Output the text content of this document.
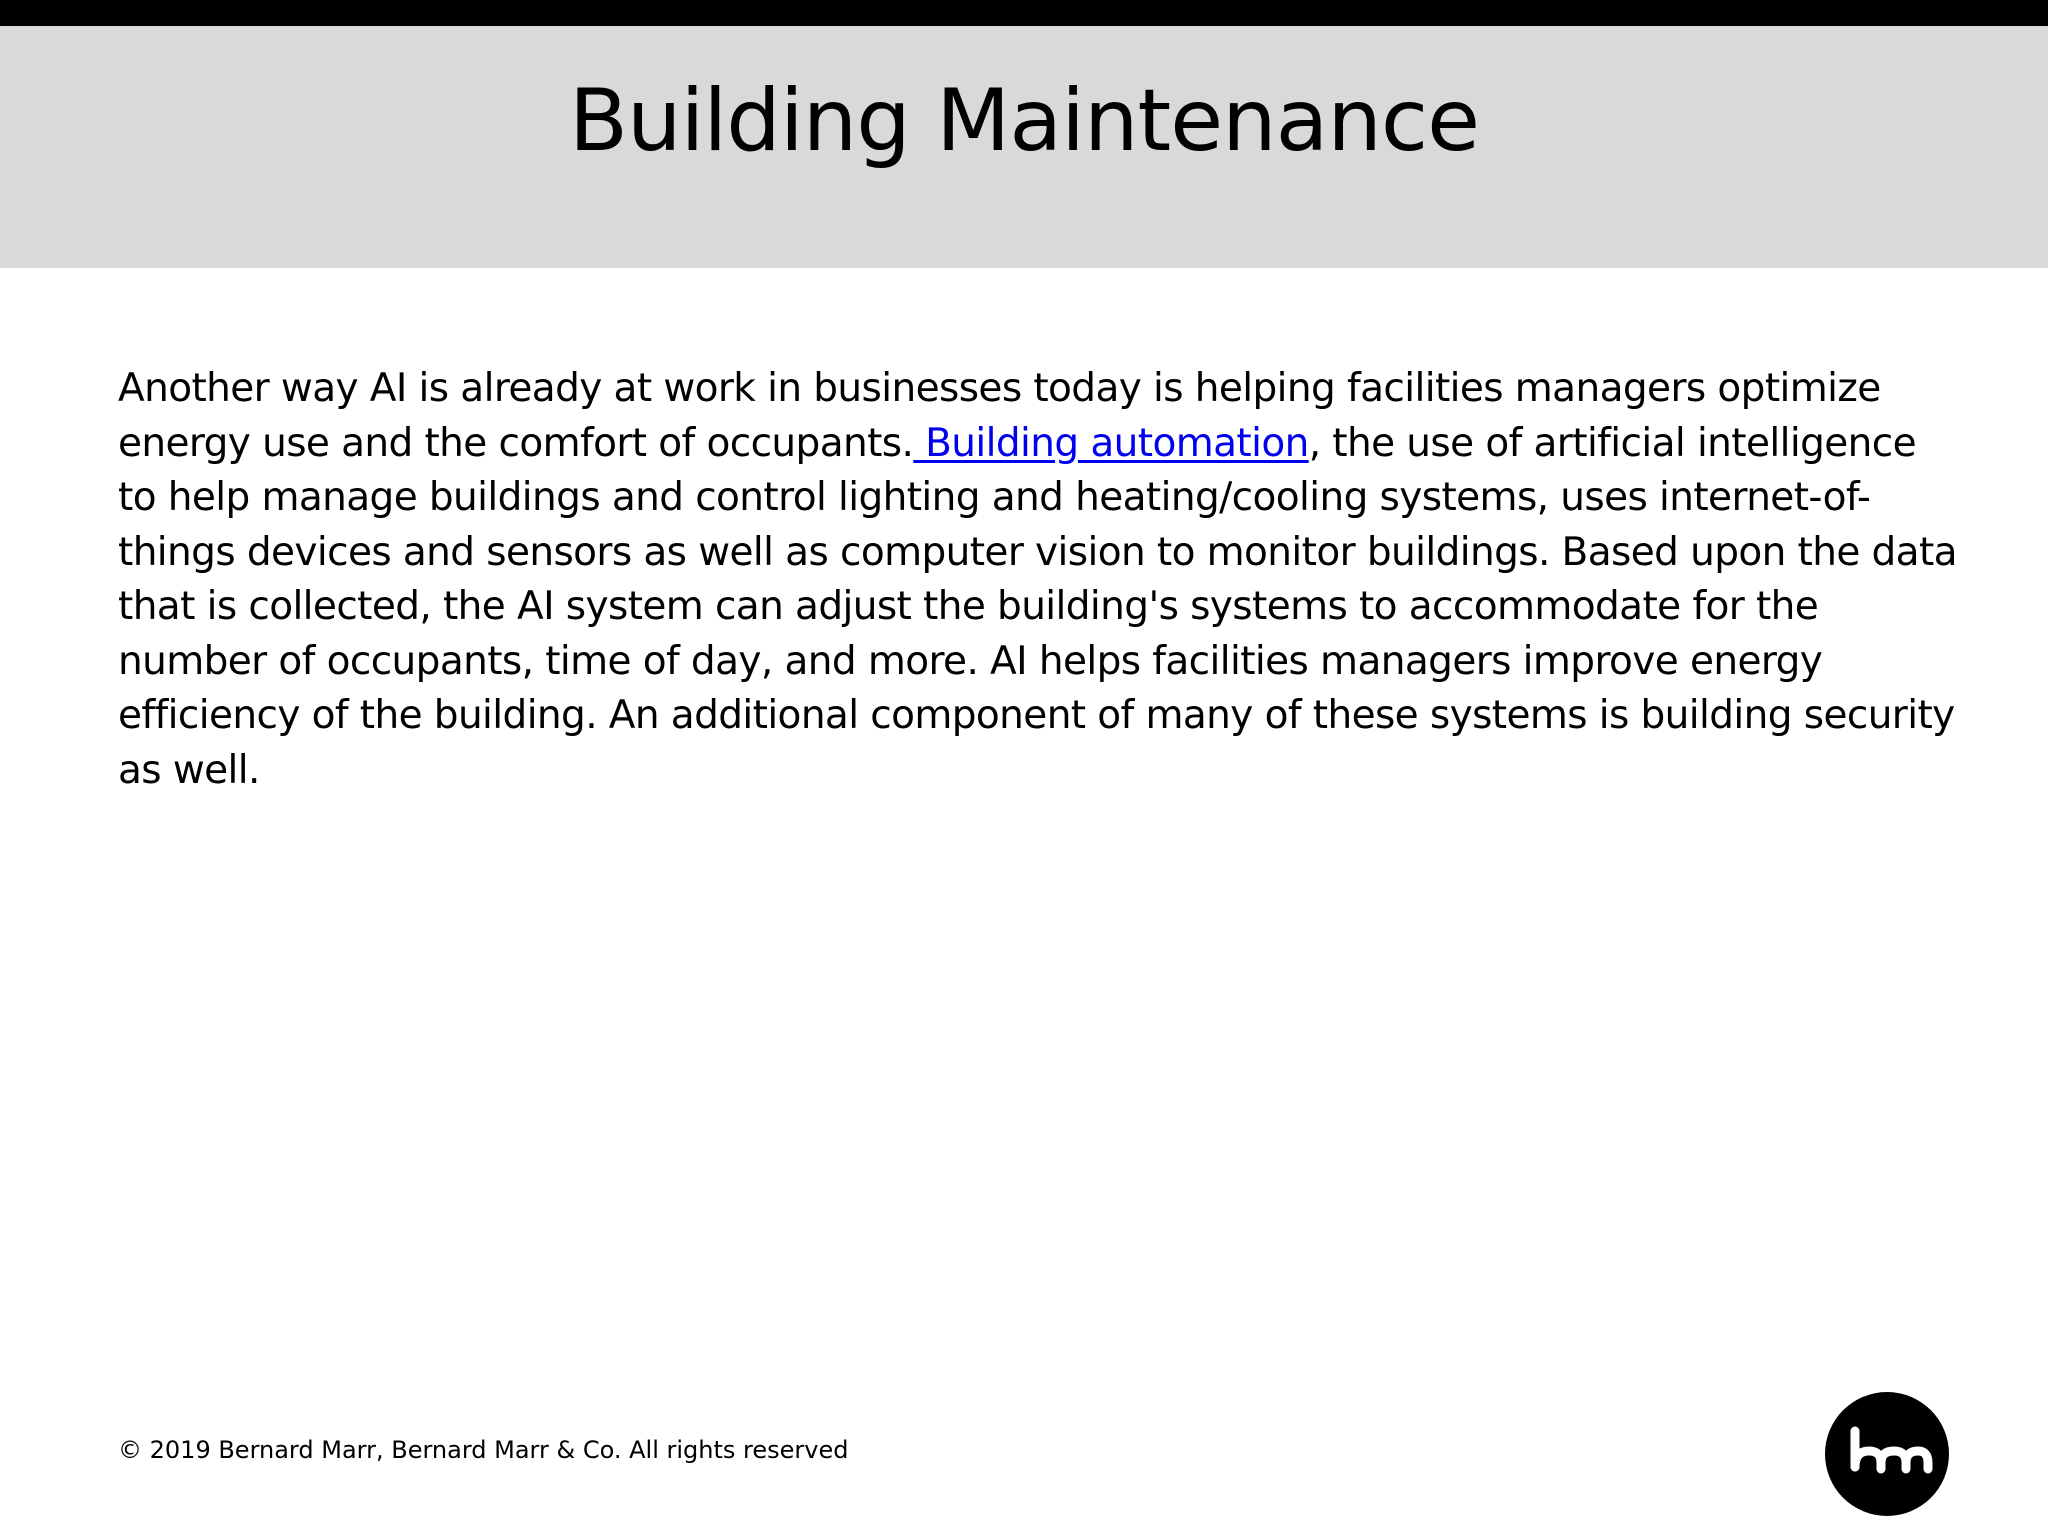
Building Maintenance

Another way AI is already at work in businesses today is helping facilities managers optimize energy use and the comfort of occupants. Building automation, the use of artificial intelligence to help manage buildings and control lighting and heating/cooling systems, uses internet-of-things devices and sensors as well as computer vision to monitor buildings. Based upon the data that is collected, the AI system can adjust the building's systems to accommodate for the number of occupants, time of day, and more. AI helps facilities managers improve energy efficiency of the building. An additional component of many of these systems is building security as well.

© 2019 Bernard Marr, Bernard Marr & Co. All rights reserved
